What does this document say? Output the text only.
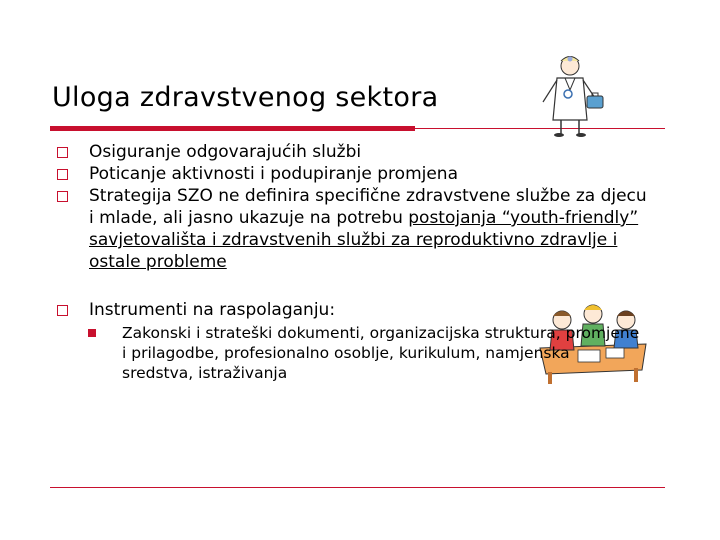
Uloga zdravstvenog sektora
Osiguranje odgovarajućih službi
Poticanje aktivnosti i podupiranje promjena
Strategija SZO ne definira specifične zdravstvene službe za djecu i mlade, ali jasno ukazuje na potrebu postojanja “youth-friendly” savjetovališta i zdravstvenih službi za reproduktivno zdravlje i ostale probleme
Instrumenti na raspolaganju:
Zakonski i strateški dokumenti, organizacijska struktura, promjene i prilagodbe, profesionalno osoblje, kurikulum, namjenska sredstva, istraživanja
